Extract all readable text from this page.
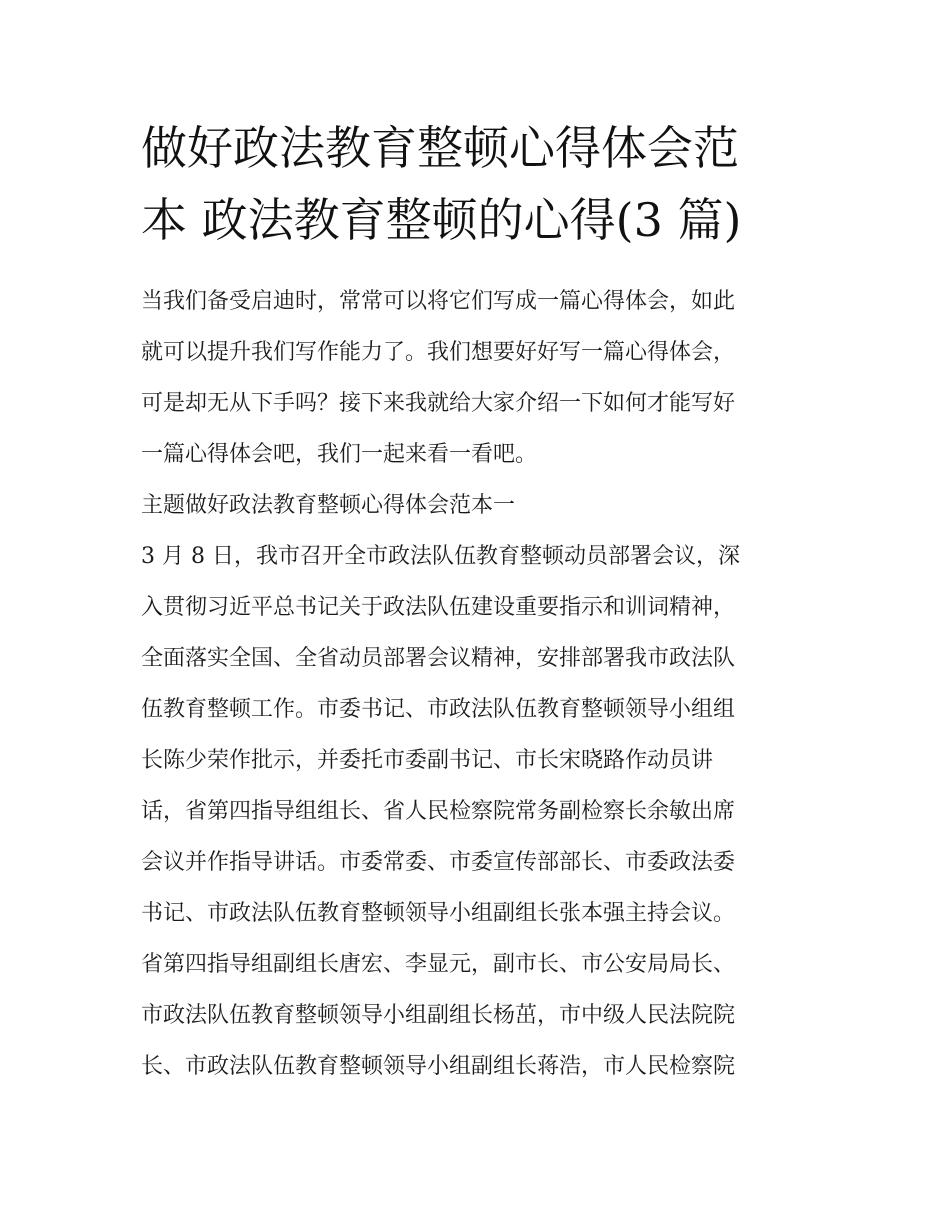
做好政法教育整顿心得体会范
本 政法教育整顿的心得(3 篇)
当我们备受启迪时，常常可以将它们写成一篇心得体会，如此
就可以提升我们写作能力了。我们想要好好写一篇心得体会，
可是却无从下手吗？接下来我就给大家介绍一下如何才能写好
一篇心得体会吧，我们一起来看一看吧。
主题做好政法教育整顿心得体会范本一
3 月 8 日，我市召开全市政法队伍教育整顿动员部署会议，深
入贯彻习近平总书记关于政法队伍建设重要指示和训词精神，
全面落实全国、全省动员部署会议精神，安排部署我市政法队
伍教育整顿工作。市委书记、市政法队伍教育整顿领导小组组
长陈少荣作批示，并委托市委副书记、市长宋晓路作动员讲
话，省第四指导组组长、省人民检察院常务副检察长余敏出席
会议并作指导讲话。市委常委、市委宣传部部长、市委政法委
书记、市政法队伍教育整顿领导小组副组长张本强主持会议。
省第四指导组副组长唐宏、李显元，副市长、市公安局局长、
市政法队伍教育整顿领导小组副组长杨茁，市中级人民法院院
长、市政法队伍教育整顿领导小组副组长蒋浩，市人民检察院
